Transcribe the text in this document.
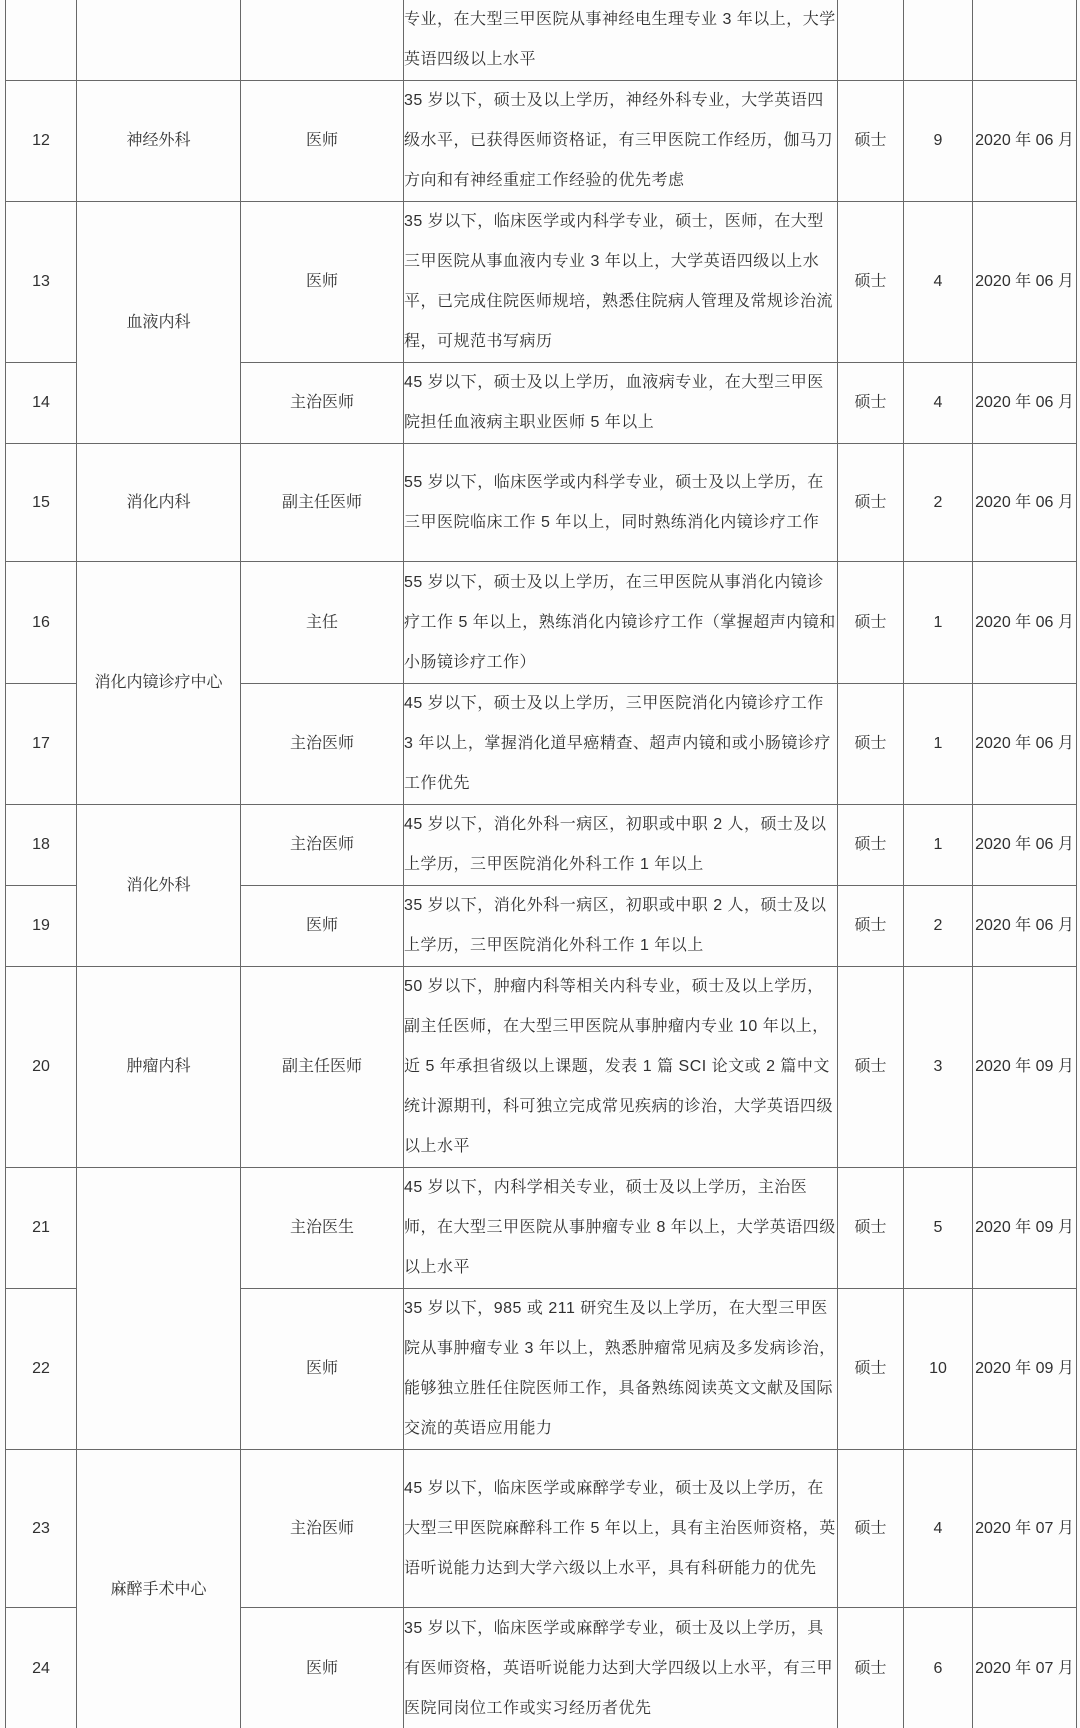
			专业，在大型三甲医院从事神经电生理专业 3 年以上，大学英语四级以上水平			
12	神经外科	医师	35 岁以下，硕士及以上学历，神经外科专业，大学英语四级水平，已获得医师资格证，有三甲医院工作经历，伽马刀方向和有神经重症工作经验的优先考虑	硕士	9	2020 年 06 月
13	血液内科	医师	35 岁以下，临床医学或内科学专业，硕士，医师，在大型三甲医院从事血液内专业 3 年以上，大学英语四级以上水平，已完成住院医师规培，熟悉住院病人管理及常规诊治流程，可规范书写病历	硕士	4	2020 年 06 月
14		主治医师	45 岁以下，硕士及以上学历，血液病专业，在大型三甲医院担任血液病主职业医师 5 年以上	硕士	4	2020 年 06 月
15	消化内科	副主任医师	55 岁以下，临床医学或内科学专业，硕士及以上学历，在三甲医院临床工作 5 年以上，同时熟练消化内镜诊疗工作	硕士	2	2020 年 06 月
16	消化内镜诊疗中心	主任	55 岁以下，硕士及以上学历，在三甲医院从事消化内镜诊疗工作 5 年以上，熟练消化内镜诊疗工作（掌握超声内镜和小肠镜诊疗工作）	硕士	1	2020 年 06 月
17		主治医师	45 岁以下，硕士及以上学历，三甲医院消化内镜诊疗工作 3 年以上，掌握消化道早癌精查、超声内镜和或小肠镜诊疗工作优先	硕士	1	2020 年 06 月
18	消化外科	主治医师	45 岁以下，消化外科一病区，初职或中职 2 人，硕士及以上学历，三甲医院消化外科工作 1 年以上	硕士	1	2020 年 06 月
19		医师	35 岁以下，消化外科一病区，初职或中职 2 人，硕士及以上学历，三甲医院消化外科工作 1 年以上	硕士	2	2020 年 06 月
20	肿瘤内科	副主任医师	50 岁以下，肿瘤内科等相关内科专业，硕士及以上学历，副主任医师，在大型三甲医院从事肿瘤内专业 10 年以上，近 5 年承担省级以上课题，发表 1 篇 SCI 论文或 2 篇中文统计源期刊，科可独立完成常见疾病的诊治，大学英语四级以上水平	硕士	3	2020 年 09 月
21		主治医生	45 岁以下，内科学相关专业，硕士及以上学历，主治医师，在大型三甲医院从事肿瘤专业 8 年以上，大学英语四级以上水平	硕士	5	2020 年 09 月
22		医师	35 岁以下，985 或 211 研究生及以上学历，在大型三甲医院从事肿瘤专业 3 年以上，熟悉肿瘤常见病及多发病诊治，能够独立胜任住院医师工作，具备熟练阅读英文文献及国际交流的英语应用能力	硕士	10	2020 年 09 月
23	麻醉手术中心	主治医师	45 岁以下，临床医学或麻醉学专业，硕士及以上学历，在大型三甲医院麻醉科工作 5 年以上，具有主治医师资格，英语听说能力达到大学六级以上水平，具有科研能力的优先	硕士	4	2020 年 07 月
24		医师	35 岁以下，临床医学或麻醉学专业，硕士及以上学历，具有医师资格，英语听说能力达到大学四级以上水平，有三甲医院同岗位工作或实习经历者优先	硕士	6	2020 年 07 月
